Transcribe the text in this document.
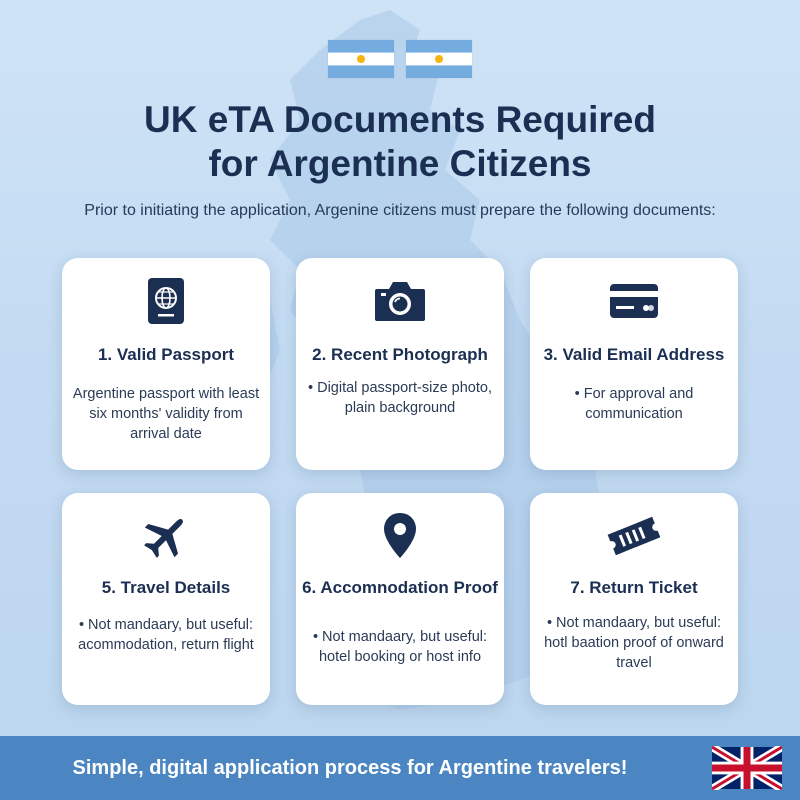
UK eTA Documents Required
for Argentine Citizens

Prior to initiating the application, Argenine citizens must prepare the following documents:

1. Valid Passport

Argentine passport with least six months' validity from arrival date

2. Recent Photograph

• Digital passport-size photo, plain background

3. Valid Email Address

• For approval and communication

5. Travel Details

• Not mandaary, but useful: acommodation, return flight

6. Accomnodation Proof

• Not mandaary, but useful: hotel booking or host info

7. Return Ticket

• Not mandaary, but useful: hotl baation proof of onward travel

Simple, digital application process for Argentine travelers!
